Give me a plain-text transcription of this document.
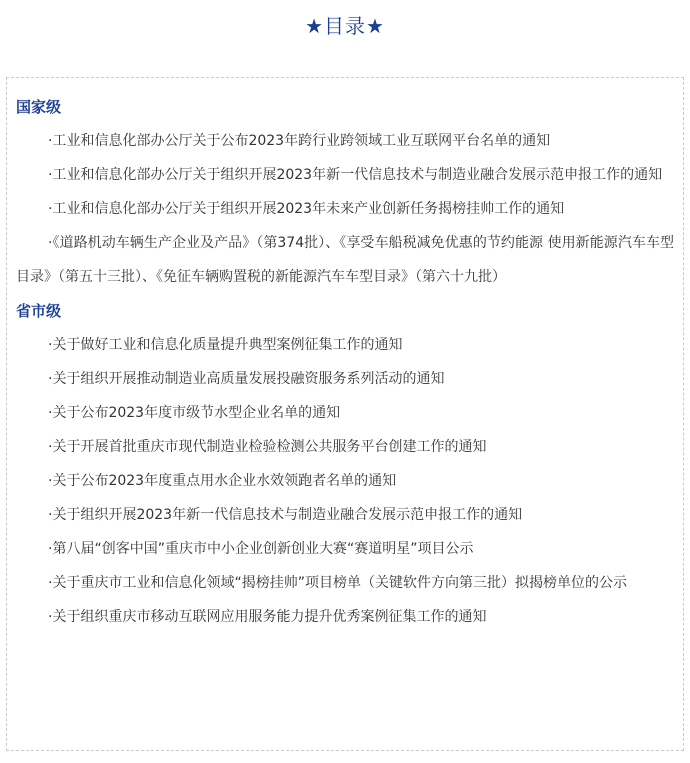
★目录★
国家级
·工业和信息化部办公厅关于公布2023年跨行业跨领域工业互联网平台名单的通知
·工业和信息化部办公厅关于组织开展2023年新一代信息技术与制造业融合发展示范申报工作的通知
·工业和信息化部办公厅关于组织开展2023年未来产业创新任务揭榜挂帅工作的通知
·《道路机动车辆生产企业及产品》（第374批）、《享受车船税减免优惠的节约能源 使用新能源汽车车型目录》（第五十三批）、《免征车辆购置税的新能源汽车车型目录》（第六十九批）
省市级
·关于做好工业和信息化质量提升典型案例征集工作的通知
·关于组织开展推动制造业高质量发展投融资服务系列活动的通知
·关于公布2023年度市级节水型企业名单的通知
·关于开展首批重庆市现代制造业检验检测公共服务平台创建工作的通知
·关于公布2023年度重点用水企业水效领跑者名单的通知
·关于组织开展2023年新一代信息技术与制造业融合发展示范申报工作的通知
·第八届“创客中国”重庆市中小企业创新创业大赛“赛道明星”项目公示
·关于重庆市工业和信息化领域“揭榜挂帅”项目榜单（关键软件方向第三批）拟揭榜单位的公示
·关于组织重庆市移动互联网应用服务能力提升优秀案例征集工作的通知
